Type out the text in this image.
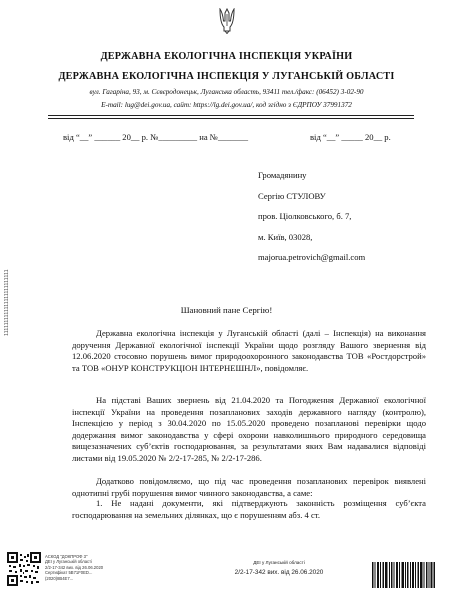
ДЕРЖАВНА ЕКОЛОГІЧНА ІНСПЕКЦІЯ УКРАЇНИ
ДЕРЖАВНА ЕКОЛОГІЧНА ІНСПЕКЦІЯ У ЛУГАНСЬКІЙ ОБЛАСТІ
вул. Гагаріна, 93, м. Сєвєродонецьк, Луганська область, 93411 тел./факс: (06452) 3-02-90
E-mail: lug@dei.gov.ua, сайт: https://lg.dei.gov.ua/, код згідно з ЄДРПОУ 37991372
від “__” ______ 20__ р. №_________ на №_______	від “__” _____ 20__ р.
Громадянину
Сергію СТУЛОВУ
пров. Ціолковського, б. 7,
м. Київ, 03028,
majorua.petrovich@gmail.com
1111111111111111111111111	Шановний пане Сергію!
Державна екологічна інспекція у Луганській області (далі – Інспекція) на виконання доручення Державної екологічної інспекції України щодо розгляду Вашого звернення від 12.06.2020 стосовно порушень вимог природоохоронного законодавства ТОВ «Ростдорстрой» та ТОВ «ОНУР КОНСТРУКЦІОН ІНТЕРНЕШНЛ», повідомляє.
На підставі Ваших звернень від 21.04.2020 та Погодження Державної екологічної інспекції України на проведення позапланових заходів державного нагляду (контролю), Інспекцією у період з 30.04.2020 по 15.05.2020 проведено позапланові перевірки щодо додержання вимог законодавства у сфері охорони навколишнього природного середовища вищезазначених суб’єктів господарювання, за результатами яких Вам надавалися відповіді листами від 19.05.2020 № 2/2-17-285, № 2/2-17-286.
Додатково повідомляємо, що під час проведення позапланових перевірок виявлені однотипні грубі порушення вимог чинного законодавства, а саме:
1. Не надані документи, які підтверджують законність розміщення суб’єкта господарювання на земельних ділянках, що є порушенням абз. 4 ст.
АСКОД "ДОКПРОФ 3"
ДЕІ у Луганській області
2/2-17-342 вих. від 26.06.2020
Сертифікат 5B71F0ED...
(2020)8B4E7...
ДЕІ у Луганській області
2/2-17-342 вих. від 26.06.2020
